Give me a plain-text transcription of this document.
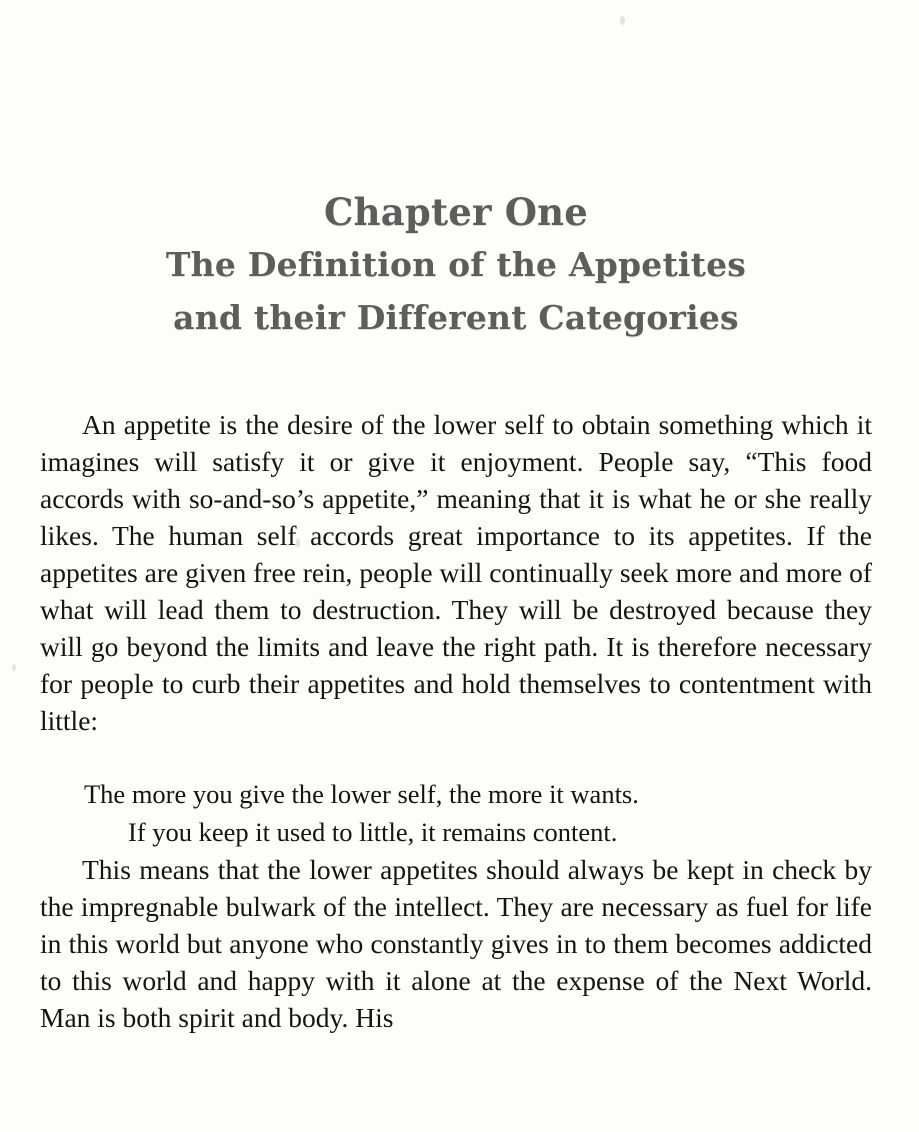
Chapter One
The Definition of the Appetites
and their Different Categories

An appetite is the desire of the lower self to obtain something which it imagines will satisfy it or give it enjoyment. People say, “This food accords with so-and-so’s appetite,” meaning that it is what he or she really likes. The human self accords great importance to its appetites. If the appetites are given free rein, people will continually seek more and more of what will lead them to destruction. They will be destroyed because they will go beyond the limits and leave the right path. It is therefore necessary for people to curb their appetites and hold themselves to contentment with little:

The more you give the lower self, the more it wants.
If you keep it used to little, it remains content.

This means that the lower appetites should always be kept in check by the impregnable bulwark of the intellect. They are necessary as fuel for life in this world but anyone who constantly gives in to them becomes addicted to this world and happy with it alone at the expense of the Next World. Man is both spirit and body. His
